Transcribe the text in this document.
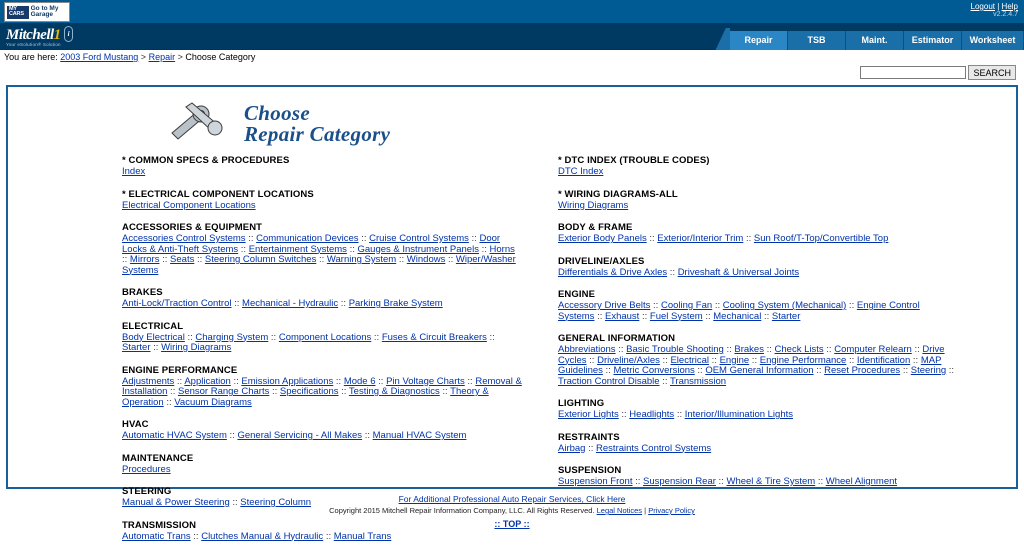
MY CARS
Go to My Garage
Logout | Help
v2.2.4.7
Mitchell1 i
Your eSolution® Solution	Repair	TSB	Maint.	Estimator	Worksheet
You are here: 2003 Ford Mustang > Repair > Choose Category
SEARCH
Choose
Repair Category
* COMMON SPECS & PROCEDURES
Index
* ELECTRICAL COMPONENT LOCATIONS
Electrical Component Locations
ACCESSORIES & EQUIPMENT
Accessories Control Systems :: Communication Devices :: Cruise Control Systems :: Door Locks & Anti-Theft Systems :: Entertainment Systems :: Gauges & Instrument Panels :: Horns :: Mirrors :: Seats :: Steering Column Switches :: Warning System :: Windows :: Wiper/Washer Systems
BRAKES
Anti-Lock/Traction Control :: Mechanical - Hydraulic :: Parking Brake System
ELECTRICAL
Body Electrical :: Charging System :: Component Locations :: Fuses & Circuit Breakers :: Starter :: Wiring Diagrams
ENGINE PERFORMANCE
Adjustments :: Application :: Emission Applications :: Mode 6 :: Pin Voltage Charts :: Removal & Installation :: Sensor Range Charts :: Specifications :: Testing & Diagnostics :: Theory & Operation :: Vacuum Diagrams
HVAC
Automatic HVAC System :: General Servicing - All Makes :: Manual HVAC System
MAINTENANCE
Procedures
STEERING
Manual & Power Steering :: Steering Column
TRANSMISSION
Automatic Trans :: Clutches Manual & Hydraulic :: Manual Trans
* DTC INDEX (TROUBLE CODES)
DTC Index
* WIRING DIAGRAMS-ALL
Wiring Diagrams
BODY & FRAME
Exterior Body Panels :: Exterior/Interior Trim :: Sun Roof/T-Top/Convertible Top
DRIVELINE/AXLES
Differentials & Drive Axles :: Driveshaft & Universal Joints
ENGINE
Accessory Drive Belts :: Cooling Fan :: Cooling System (Mechanical) :: Engine Control Systems :: Exhaust :: Fuel System :: Mechanical :: Starter
GENERAL INFORMATION
Abbreviations :: Basic Trouble Shooting :: Brakes :: Check Lists :: Computer Relearn :: Drive Cycles :: Driveline/Axles :: Electrical :: Engine :: Engine Performance :: Identification :: MAP Guidelines :: Metric Conversions :: OEM General Information :: Reset Procedures :: Steering :: Traction Control Disable :: Transmission
LIGHTING
Exterior Lights :: Headlights :: Interior/Illumination Lights
RESTRAINTS
Airbag :: Restraints Control Systems
SUSPENSION
Suspension Front :: Suspension Rear :: Wheel & Tire System :: Wheel Alignment
For Additional Professional Auto Repair Services, Click Here
Copyright 2015 Mitchell Repair Information Company, LLC. All Rights Reserved. Legal Notices | Privacy Policy
:: TOP ::
